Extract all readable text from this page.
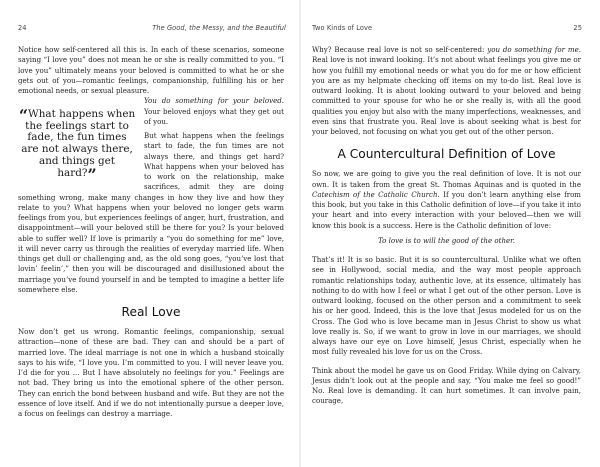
24	The Good, the Messy, and the Beautiful

Notice how self-centered all this is. In each of these scenarios, someone saying “I love you” does not mean he or she is really committed to you. “I love you” ultimately means your beloved is committed to what he or she gets out of you—romantic feelings, companionship, fulfilling his or her emotional needs, or sexual pleasure.

“What happens when the feelings start to fade, the fun times are not always there, and things get hard?”

You do something for your beloved. Your beloved enjoys what they get out of you.

But what happens when the feelings start to fade, the fun times are not always there, and things get hard? What happens when your beloved has to work on the relationship, make sacrifices, admit they are doing something wrong, make many changes in how they live and how they relate to you? What happens when your beloved no longer gets warm feelings from you, but experiences feelings of anger, hurt, frustration, and disappointment—will your beloved still be there for you? Is your beloved able to suffer well? If love is primarily a “you do something for me” love, it will never carry us through the realities of everyday married life. When things get dull or challenging and, as the old song goes, “you’ve lost that lovin’ feelin’,” then you will be discouraged and disillusioned about the marriage you’ve found yourself in and be tempted to imagine a better life somewhere else.

Real Love

Now don’t get us wrong. Romantic feelings, companionship, sexual attraction—none of these are bad. They can and should be a part of married love. The ideal marriage is not one in which a husband stoically says to his wife, “I love you. I’m committed to you. I will never leave you. I’d die for you … But I have absolutely no feelings for you.” Feelings are not bad. They bring us into the emotional sphere of the other person. They can enrich the bond between husband and wife. But they are not the essence of love itself. And if we do not intentionally pursue a deeper love, a focus on feelings can destroy a marriage.

Two Kinds of Love	25

Why? Because real love is not so self-centered: you do something for me. Real love is not inward looking. It’s not about what feelings you give me or how you fulfill my emotional needs or what you do for me or how efficient you are as my helpmate checking off items on my to-do list. Real love is outward looking. It is about looking outward to your beloved and being committed to your spouse for who he or she really is, with all the good qualities you enjoy but also with the many imperfections, weaknesses, and even sins that frustrate you. Real love is about seeking what is best for your beloved, not focusing on what you get out of the other person.

A Countercultural Definition of Love

So now, we are going to give you the real definition of love. It is not our own. It is taken from the great St. Thomas Aquinas and is quoted in the Catechism of the Catholic Church. If you don’t learn anything else from this book, but you take in this Catholic definition of love—if you take it into your heart and into every interaction with your beloved—then we will know this book is a success. Here is the Catholic definition of love:

To love is to will the good of the other.

That’s it! It is so basic. But it is so countercultural. Unlike what we often see in Hollywood, social media, and the way most people approach romantic relationships today, authentic love, at its essence, ultimately has nothing to do with how I feel or what I get out of the other person. Love is outward looking, focused on the other person and a commitment to seek his or her good. Indeed, this is the love that Jesus modeled for us on the Cross. The God who is love became man in Jesus Christ to show us what love really is. So, if we want to grow in love in our marriages, we should always have our eye on Love himself, Jesus Christ, especially when he most fully revealed his love for us on the Cross.

Think about the model he gave us on Good Friday. While dying on Calvary, Jesus didn’t look out at the people and say, “You make me feel so good!” No. Real love is demanding. It can hurt sometimes. It can involve pain, courage,
